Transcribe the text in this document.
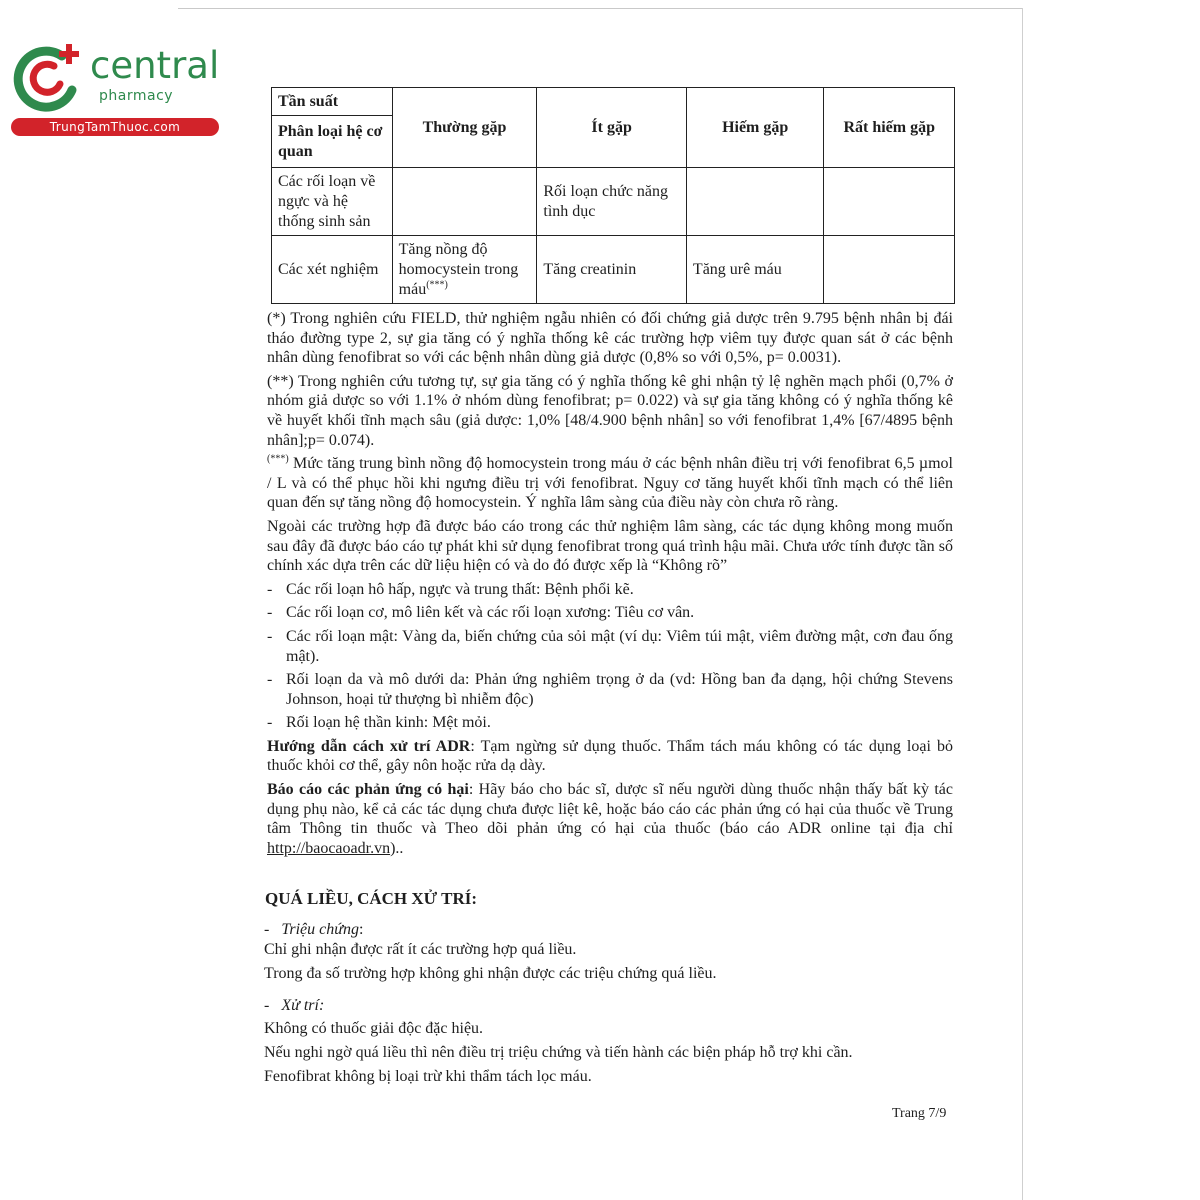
central
pharmacy
TrungTamThuoc.com
Tần suất	Thường gặp	Ít gặp	Hiếm gặp	Rất hiếm gặp
Phân loại hệ cơ quan				
Các rối loạn về ngực và hệ thống sinh sản		Rối loạn chức năng tình dục		
Các xét nghiệm	Tăng nồng độ homocystein trong máu(***)	Tăng creatinin	Tăng urê máu	

(*) Trong nghiên cứu FIELD, thử nghiệm ngẫu nhiên có đối chứng giả dược trên 9.795 bệnh nhân bị đái tháo đường type 2, sự gia tăng có ý nghĩa thống kê các trường hợp viêm tụy được quan sát ở các bệnh nhân dùng fenofibrat so với các bệnh nhân dùng giả dược (0,8% so với 0,5%, p= 0.0031).

(**) Trong nghiên cứu tương tự, sự gia tăng có ý nghĩa thống kê ghi nhận tỷ lệ nghẽn mạch phổi (0,7% ở nhóm giả dược so với 1.1% ở nhóm dùng fenofibrat; p= 0.022) và sự gia tăng không có ý nghĩa thống kê về huyết khối tĩnh mạch sâu (giả dược: 1,0% [48/4.900 bệnh nhân] so với fenofibrat 1,4% [67/4895 bệnh nhân];p= 0.074).

(***) Mức tăng trung bình nồng độ homocystein trong máu ở các bệnh nhân điều trị với fenofibrat 6,5 µmol / L và có thể phục hồi khi ngưng điều trị với fenofibrat. Nguy cơ tăng huyết khối tĩnh mạch có thể liên quan đến sự tăng nồng độ homocystein. Ý nghĩa lâm sàng của điều này còn chưa rõ ràng.

Ngoài các trường hợp đã được báo cáo trong các thử nghiệm lâm sàng, các tác dụng không mong muốn sau đây đã được báo cáo tự phát khi sử dụng fenofibrat trong quá trình hậu mãi. Chưa ước tính được tần số chính xác dựa trên các dữ liệu hiện có và do đó được xếp là “Không rõ”

- Các rối loạn hô hấp, ngực và trung thất: Bệnh phổi kẽ.
- Các rối loạn cơ, mô liên kết và các rối loạn xương: Tiêu cơ vân.
- Các rối loạn mật: Vàng da, biến chứng của sỏi mật (ví dụ: Viêm túi mật, viêm đường mật, cơn đau ống mật).
- Rối loạn da và mô dưới da: Phản ứng nghiêm trọng ở da (vd: Hồng ban đa dạng, hội chứng Stevens Johnson, hoại tử thượng bì nhiễm độc)
- Rối loạn hệ thần kinh: Mệt mỏi.

Hướng dẫn cách xử trí ADR: Tạm ngừng sử dụng thuốc. Thẩm tách máu không có tác dụng loại bỏ thuốc khỏi cơ thể, gây nôn hoặc rửa dạ dày.

Báo cáo các phản ứng có hại: Hãy báo cho bác sĩ, dược sĩ nếu người dùng thuốc nhận thấy bất kỳ tác dụng phụ nào, kể cả các tác dụng chưa được liệt kê, hoặc báo cáo các phản ứng có hại của thuốc về Trung tâm Thông tin thuốc và Theo dõi phản ứng có hại của thuốc (báo cáo ADR online tại địa chỉ http://baocaoadr.vn)..

QUÁ LIỀU, CÁCH XỬ TRÍ:
- Triệu chứng:
Chỉ ghi nhận được rất ít các trường hợp quá liều.
Trong đa số trường hợp không ghi nhận được các triệu chứng quá liều.
- Xử trí:
Không có thuốc giải độc đặc hiệu.
Nếu nghi ngờ quá liều thì nên điều trị triệu chứng và tiến hành các biện pháp hỗ trợ khi cần.
Fenofibrat không bị loại trừ khi thẩm tách lọc máu.
Trang 7/9
